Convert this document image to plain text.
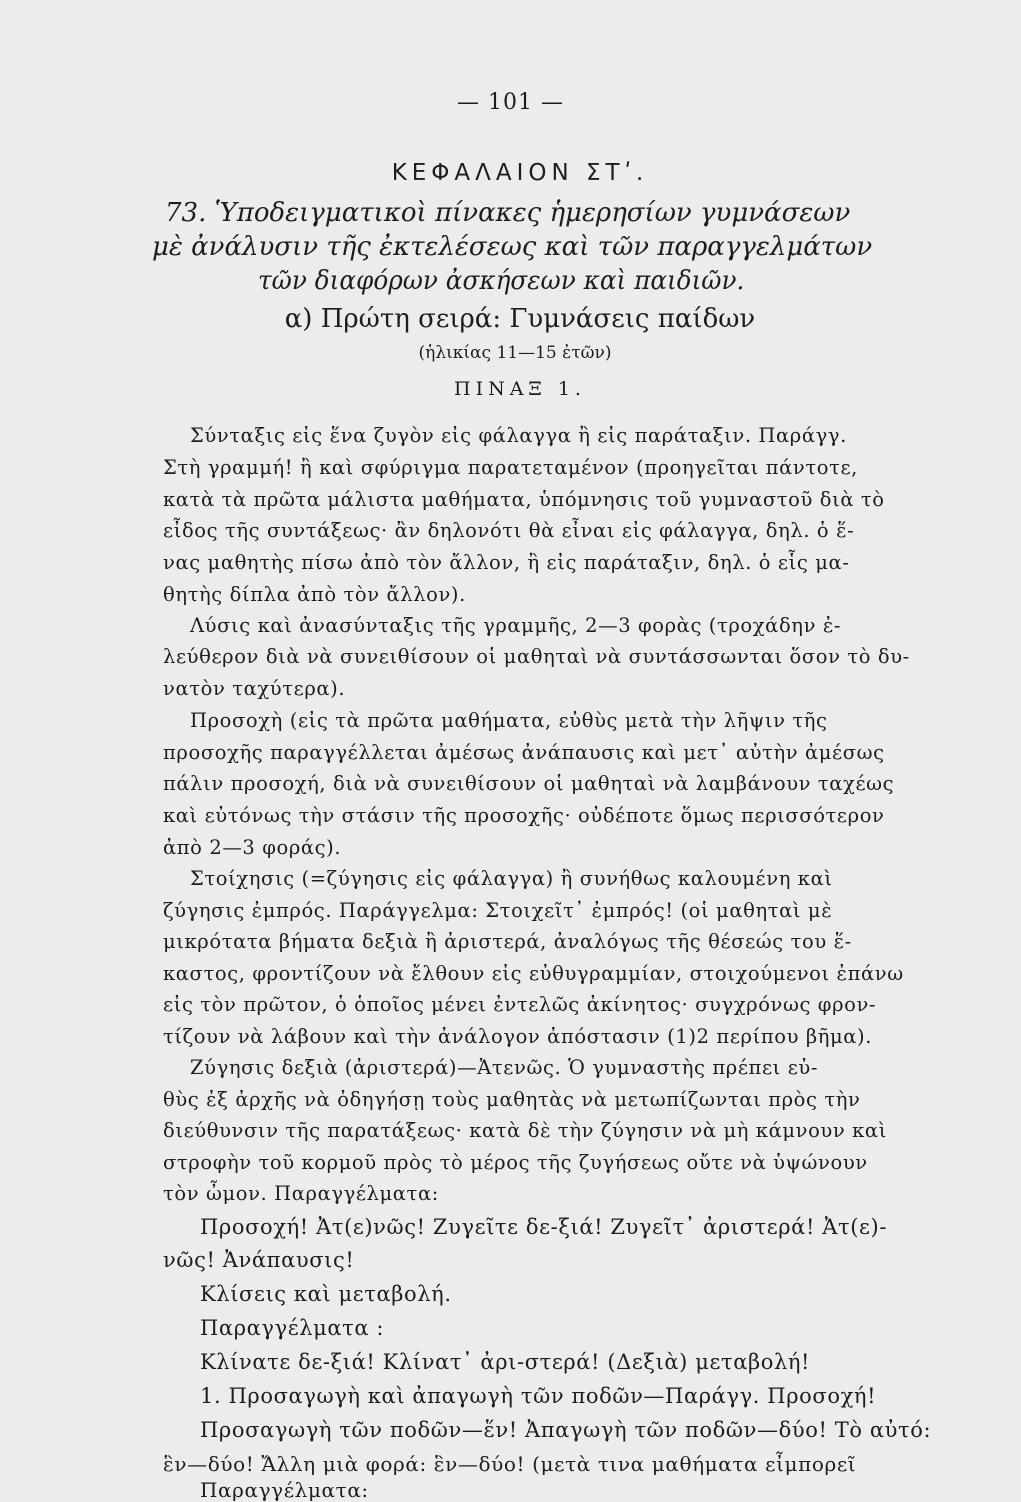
— 101 —
ΚΕΦΑΛΑΙΟΝ ΣΤʹ.
73. Ὑποδειγματικοὶ πίνακες ἡμερησίων γυμνάσεων
μὲ ἀνάλυσιν τῆς ἐκτελέσεως καὶ τῶν παραγγελμάτων
τῶν διαφόρων ἀσκήσεων καὶ παιδιῶν.
α) Πρώτη σειρά: Γυμνάσεις παίδων
(ἡλικίας 11—15 ἐτῶν)
ΠΙΝΑΞ 1.
Σύνταξις εἰς ἕνα ζυγὸν εἰς φάλαγγα ἢ εἰς παράταξιν. Παράγγ.
Στὴ γραμμή! ἢ καὶ σφύριγμα παρατεταμένον (προηγεῖται πάντοτε,
κατὰ τὰ πρῶτα μάλιστα μαθήματα, ὑπόμνησις τοῦ γυμναστοῦ διὰ τὸ
εἶδος τῆς συντάξεως· ἂν δηλονότι θὰ εἶναι εἰς φάλαγγα, δηλ. ὁ ἕ-
νας μαθητὴς πίσω ἀπὸ τὸν ἄλλον, ἢ εἰς παράταξιν, δηλ. ὁ εἷς μα-
θητὴς δίπλα ἀπὸ τὸν ἄλλον).
Λύσις καὶ ἀνασύνταξις τῆς γραμμῆς, 2—3 φορὰς (τροχάδην ἐ-
λεύθερον διὰ νὰ συνειθίσουν οἱ μαθηταὶ νὰ συντάσσωνται ὅσον τὸ δυ-
νατὸν ταχύτερα).
Προσοχὴ (εἰς τὰ πρῶτα μαθήματα, εὐθὺς μετὰ τὴν λῆψιν τῆς
προσοχῆς παραγγέλλεται ἀμέσως ἀνάπαυσις καὶ μετ᾿ αὐτὴν ἀμέσως
πάλιν προσοχή, διὰ νὰ συνειθίσουν οἱ μαθηταὶ νὰ λαμβάνουν ταχέως
καὶ εὐτόνως τὴν στάσιν τῆς προσοχῆς· οὐδέποτε ὅμως περισσότερον
ἀπὸ 2—3 φοράς).
Στοίχησις (=ζύγησις εἰς φάλαγγα) ἢ συνήθως καλουμένη καὶ
ζύγησις ἐμπρός. Παράγγελμα: Στοιχεῖτ᾿ ἐμπρός! (οἱ μαθηταὶ μὲ
μικρότατα βήματα δεξιὰ ἢ ἀριστερά, ἀναλόγως τῆς θέσεώς του ἕ-
καστος, φροντίζουν νὰ ἔλθουν εἰς εὐθυγραμμίαν, στοιχούμενοι ἐπάνω
εἰς τὸν πρῶτον, ὁ ὁποῖος μένει ἐντελῶς ἀκίνητος· συγχρόνως φρον-
τίζουν νὰ λάβουν καὶ τὴν ἀνάλογον ἀπόστασιν (1)2 περίπου βῆμα).
Ζύγησις δεξιὰ (ἀριστερά)—Ἀτενῶς. Ὁ γυμναστὴς πρέπει εὐ-
θὺς ἐξ ἀρχῆς νὰ ὁδηγήσῃ τοὺς μαθητὰς νὰ μετωπίζωνται πρὸς τὴν
διεύθυνσιν τῆς παρατάξεως· κατὰ δὲ τὴν ζύγησιν νὰ μὴ κάμνουν καὶ
στροφὴν τοῦ κορμοῦ πρὸς τὸ μέρος τῆς ζυγήσεως οὔτε νὰ ὑψώνουν
τὸν ὦμον. Παραγγέλματα:
Προσοχή! Ἀτ(ε)νῶς! Ζυγεῖτε δε-ξιά! Ζυγεῖτ᾿ ἀριστερά! Ἀτ(ε)-
νῶς! Ἀνάπαυσις!
Κλίσεις καὶ μεταβολή.
Παραγγέλματα :
Κλίνατε δε-ξιά! Κλίνατ᾿ ἀρι-στερά! (Δεξιὰ) μεταβολή!
1. Προσαγωγὴ καὶ ἀπαγωγὴ τῶν ποδῶν—Παράγγ. Προσοχή!
Προσαγωγὴ τῶν ποδῶν—ἕν! Ἀπαγωγὴ τῶν ποδῶν—δύο! Τὸ αὐτό:
ἓν—δύο! Ἄλλη μιὰ φορά: ἓν—δύο! (μετὰ τινα μαθήματα εἶμπορεῖ
Παραγγέλματα:
